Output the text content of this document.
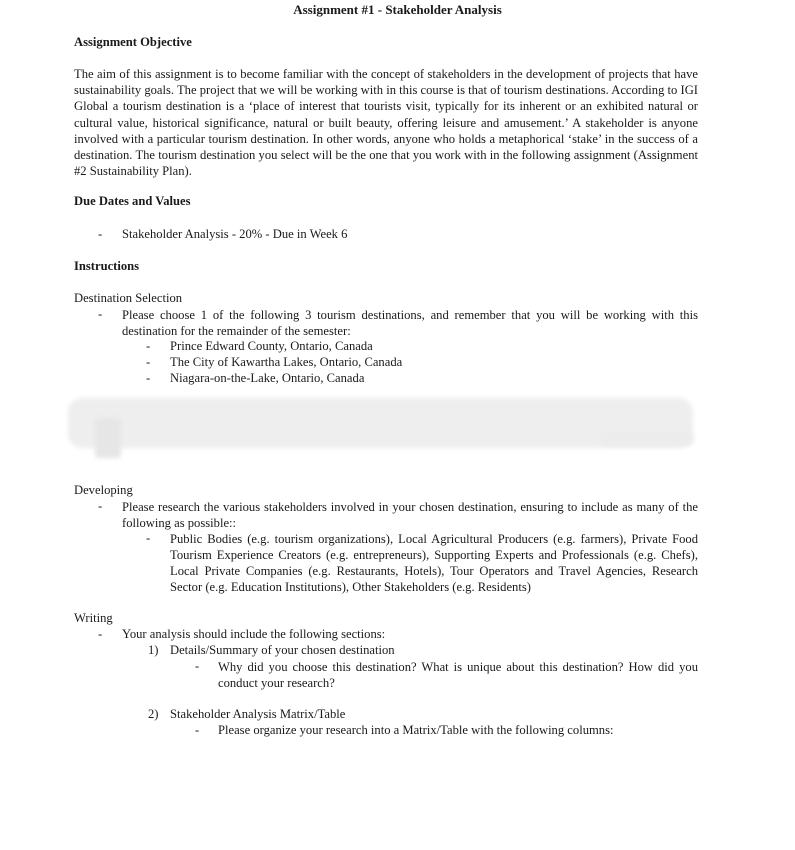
Assignment #1 - Stakeholder Analysis
Assignment Objective
The aim of this assignment is to become familiar with the concept of stakeholders in the development of projects that have sustainability goals. The project that we will be working with in this course is that of tourism destinations. According to IGI Global a tourism destination is a ‘place of interest that tourists visit, typically for its inherent or an exhibited natural or cultural value, historical significance, natural or built beauty, offering leisure and amusement.’ A stakeholder is anyone involved with a particular tourism destination. In other words, anyone who holds a metaphorical ‘stake’ in the success of a destination. The tourism destination you select will be the one that you work with in the following assignment (Assignment #2 Sustainability Plan).
Due Dates and Values
-	Stakeholder Analysis - 20% - Due in Week 6
Instructions
Destination Selection
-	Please choose 1 of the following 3 tourism destinations, and remember that you will be working with this destination for the remainder of the semester:
-	Prince Edward County, Ontario, Canada
-	The City of Kawartha Lakes, Ontario, Canada
-	Niagara-on-the-Lake, Ontario, Canada
Developing
-	Please research the various stakeholders involved in your chosen destination, ensuring to include as many of the following as possible::
-	Public Bodies (e.g. tourism organizations), Local Agricultural Producers (e.g. farmers), Private Food Tourism Experience Creators (e.g. entrepreneurs), Supporting Experts and Professionals (e.g. Chefs), Local Private Companies (e.g. Restaurants, Hotels), Tour Operators and Travel Agencies, Research Sector (e.g. Education Institutions), Other Stakeholders (e.g. Residents)
Writing
-	Your analysis should include the following sections:
1) Details/Summary of your chosen destination
-	Why did you choose this destination? What is unique about this destination? How did you conduct your research?
2) Stakeholder Analysis Matrix/Table
-	Please organize your research into a Matrix/Table with the following columns:
